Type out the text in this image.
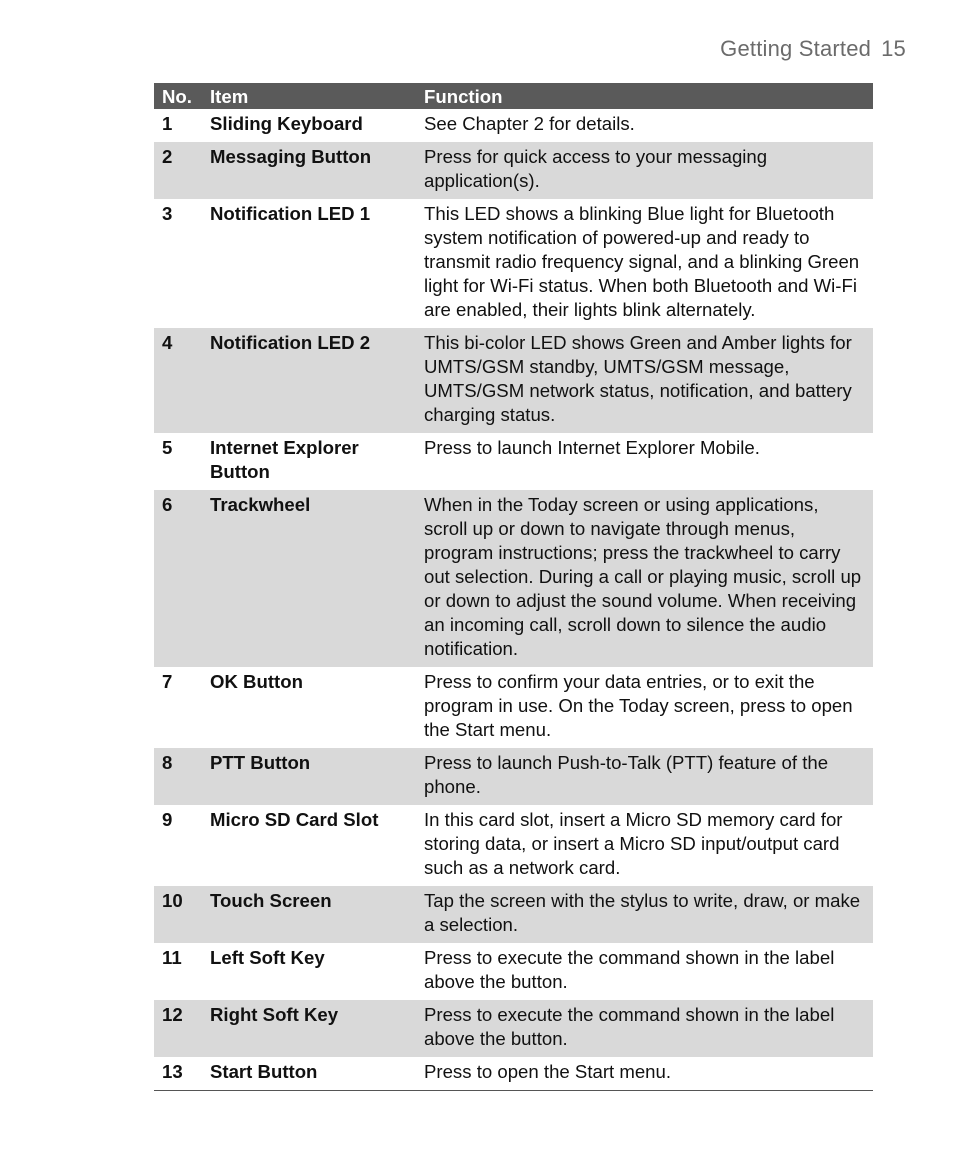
Getting Started 15
No.	Item	Function
1	Sliding Keyboard	See Chapter 2 for details.
2	Messaging Button	Press for quick access to your messaging application(s).
3	Notification LED 1	This LED shows a blinking Blue light for Bluetooth system notification of powered-up and ready to transmit radio frequency signal, and a blinking Green light for Wi-Fi status. When both Bluetooth and Wi-Fi are enabled, their lights blink alternately.
4	Notification LED 2	This bi-color LED shows Green and Amber lights for UMTS/GSM standby, UMTS/GSM message, UMTS/GSM network status, notification, and battery charging status.
5	Internet Explorer Button	Press to launch Internet Explorer Mobile.
6	Trackwheel	When in the Today screen or using applications, scroll up or down to navigate through menus, program instructions; press the trackwheel to carry out selection. During a call or playing music, scroll up or down to adjust the sound volume. When receiving an incoming call, scroll down to silence the audio notification.
7	OK Button	Press to confirm your data entries, or to exit the program in use. On the Today screen, press to open the Start menu.
8	PTT Button	Press to launch Push-to-Talk (PTT) feature of the phone.
9	Micro SD Card Slot	In this card slot, insert a Micro SD memory card for storing data, or insert a Micro SD input/output card such as a network card.
10	Touch Screen	Tap the screen with the stylus to write, draw, or make a selection.
11	Left Soft Key	Press to execute the command shown in the label above the button.
12	Right Soft Key	Press to execute the command shown in the label above the button.
13	Start Button	Press to open the Start menu.
